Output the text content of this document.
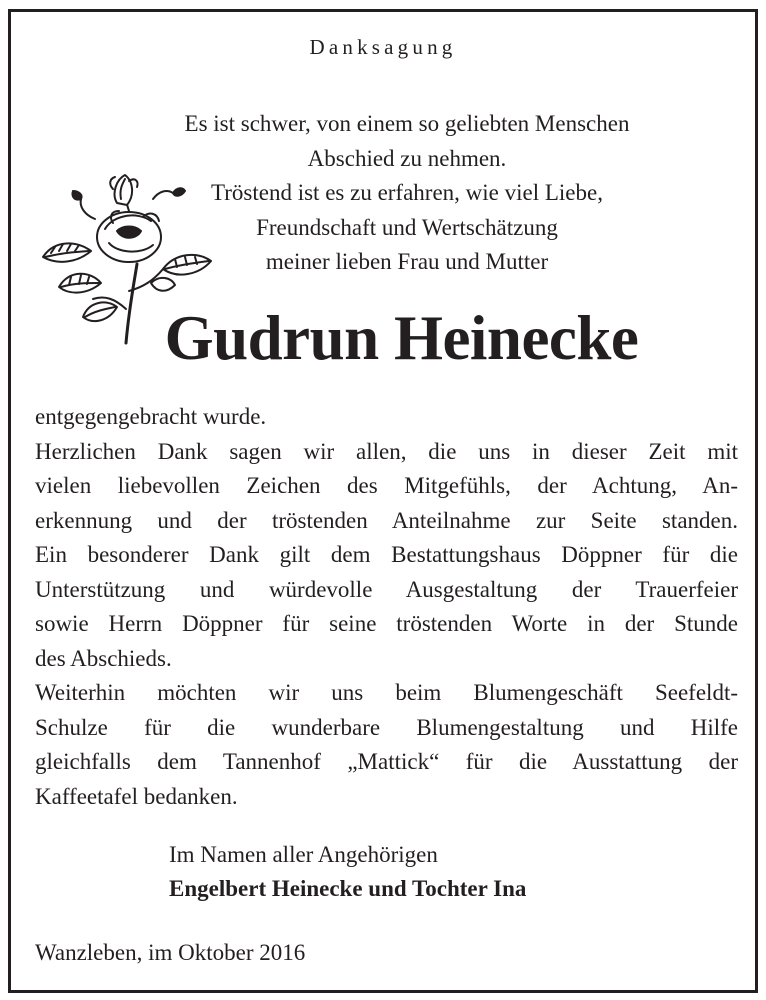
Danksagung
Es ist schwer, von einem so geliebten Menschen
Abschied zu nehmen.
Tröstend ist es zu erfahren, wie viel Liebe,
Freundschaft und Wertschätzung
meiner lieben Frau und Mutter
Gudrun Heinecke
entgegengebracht wurde.
Herzlichen Dank sagen wir allen, die uns in dieser Zeit mit
vielen liebevollen Zeichen des Mitgefühls, der Achtung, An-
erkennung und der tröstenden Anteilnahme zur Seite standen.
Ein besonderer Dank gilt dem Bestattungshaus Döppner für die
Unterstützung und würdevolle Ausgestaltung der Trauerfeier
sowie Herrn Döppner für seine tröstenden Worte in der Stunde
des Abschieds.
Weiterhin möchten wir uns beim Blumengeschäft Seefeldt-
Schulze für die wunderbare Blumengestaltung und Hilfe
gleichfalls dem Tannenhof „Mattick“ für die Ausstattung der
Kaffeetafel bedanken.
Im Namen aller Angehörigen
Engelbert Heinecke und Tochter Ina
Wanzleben, im Oktober 2016
